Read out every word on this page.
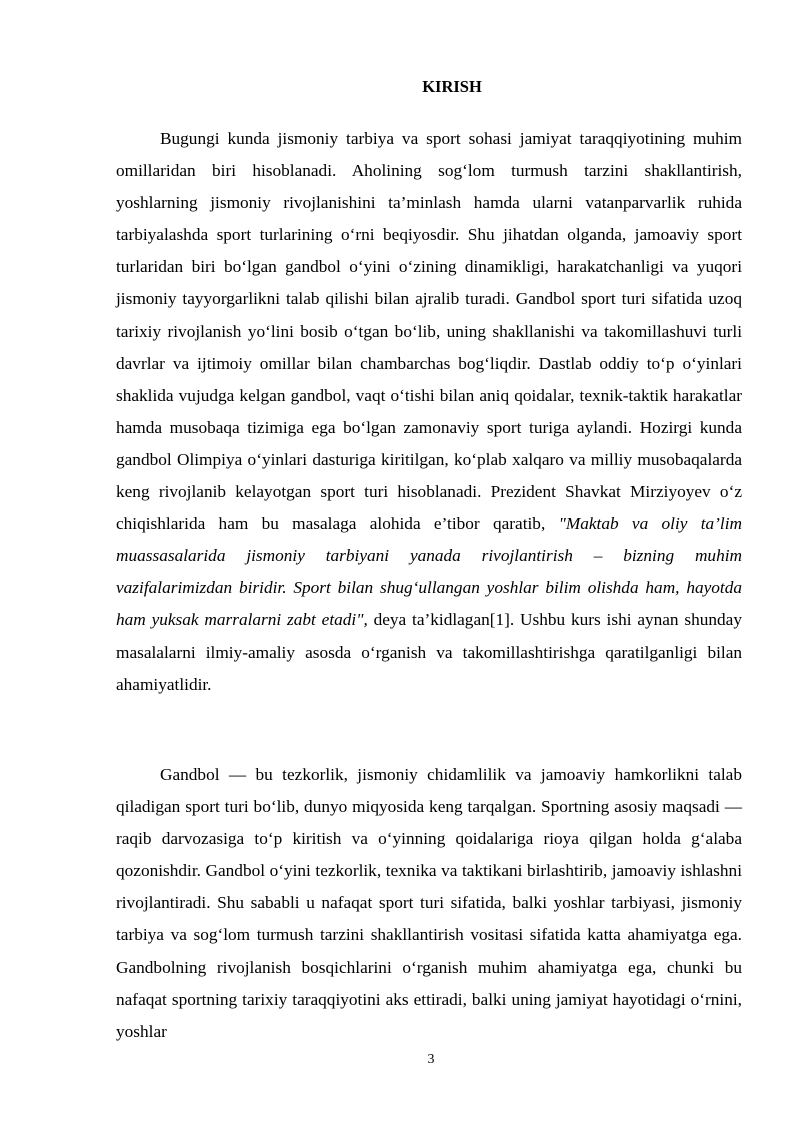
KIRISH

Bugungi kunda jismoniy tarbiya va sport sohasi jamiyat taraqqiyotining muhim omillaridan biri hisoblanadi. Aholining sog‘lom turmush tarzini shakllantirish, yoshlarning jismoniy rivojlanishini ta’minlash hamda ularni vatanparvarlik ruhida tarbiyalashda sport turlarining o‘rni beqiyosdir. Shu jihatdan olganda, jamoaviy sport turlaridan biri bo‘lgan gandbol o‘yini o‘zining dinamikligi, harakatchanligi va yuqori jismoniy tayyorgarlikni talab qilishi bilan ajralib turadi. Gandbol sport turi sifatida uzoq tarixiy rivojlanish yo‘lini bosib o‘tgan bo‘lib, uning shakllanishi va takomillashuvi turli davrlar va ijtimoiy omillar bilan chambarchas bog‘liqdir. Dastlab oddiy to‘p o‘yinlari shaklida vujudga kelgan gandbol, vaqt o‘tishi bilan aniq qoidalar, texnik-taktik harakatlar hamda musobaqa tizimiga ega bo‘lgan zamonaviy sport turiga aylandi. Hozirgi kunda gandbol Olimpiya o‘yinlari dasturiga kiritilgan, ko‘plab xalqaro va milliy musobaqalarda keng rivojlanib kelayotgan sport turi hisoblanadi. Prezident Shavkat Mirziyoyev o‘z chiqishlarida ham bu masalaga alohida e’tibor qaratib, "Maktab va oliy ta’lim muassasalarida jismoniy tarbiyani yanada rivojlantirish – bizning muhim vazifalarimizdan biridir. Sport bilan shug‘ullangan yoshlar bilim olishda ham, hayotda ham yuksak marralarni zabt etadi", deya ta’kidlagan[1]. Ushbu kurs ishi aynan shunday masalalarni ilmiy-amaliy asosda o‘rganish va takomillashtirishga qaratilganligi bilan ahamiyatlidir.

Gandbol — bu tezkorlik, jismoniy chidamlilik va jamoaviy hamkorlikni talab qiladigan sport turi bo‘lib, dunyo miqyosida keng tarqalgan. Sportning asosiy maqsadi — raqib darvozasiga to‘p kiritish va o‘yinning qoidalariga rioya qilgan holda g‘alaba qozonishdir. Gandbol o‘yini tezkorlik, texnika va taktikani birlashtirib, jamoaviy ishlashni rivojlantiradi. Shu sababli u nafaqat sport turi sifatida, balki yoshlar tarbiyasi, jismoniy tarbiya va sog‘lom turmush tarzini shakllantirish vositasi sifatida katta ahamiyatga ega. Gandbolning rivojlanish bosqichlarini o‘rganish muhim ahamiyatga ega, chunki bu nafaqat sportning tarixiy taraqqiyotini aks ettiradi, balki uning jamiyat hayotidagi o‘rnini, yoshlar

3
